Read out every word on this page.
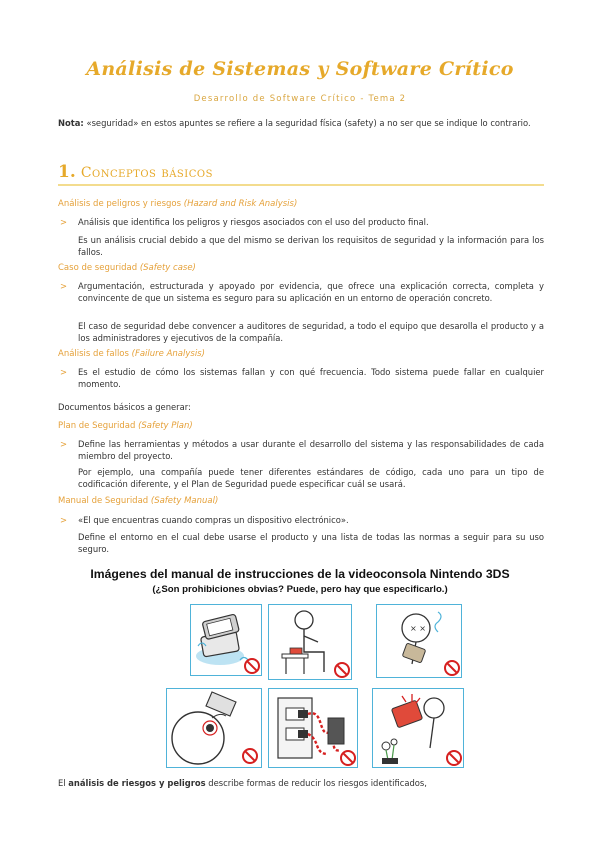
Análisis de Sistemas y Software Crítico
Desarrollo de Software Crítico - Tema 2
Nota: «seguridad» en estos apuntes se refiere a la seguridad física (safety) a no ser que se indique lo contrario.
1. Conceptos básicos
Análisis de peligros y riesgos (Hazard and Risk Analysis)
> Análisis que identifica los peligros y riesgos asociados con el uso del producto final.
Es un análisis crucial debido a que del mismo se derivan los requisitos de seguridad y la información para los fallos.
Caso de seguridad (Safety case)
> Argumentación, estructurada y apoyado por evidencia, que ofrece una explicación correcta, completa y convincente de que un sistema es seguro para su aplicación en un entorno de operación concreto.
El caso de seguridad debe convencer a auditores de seguridad, a todo el equipo que desarolla el producto y a los administradores y ejecutivos de la compañía.
Análisis de fallos (Failure Analysis)
> Es el estudio de cómo los sistemas fallan y con qué frecuencia. Todo sistema puede fallar en cualquier momento.
Documentos básicos a generar:
Plan de Seguridad (Safety Plan)
> Define las herramientas y métodos a usar durante el desarrollo del sistema y las responsabilidades de cada miembro del proyecto.
Por ejemplo, una compañía puede tener diferentes estándares de código, cada uno para un tipo de codificación diferente, y el Plan de Seguridad puede especificar cuál se usará.
Manual de Seguridad (Safety Manual)
> «El que encuentras cuando compras un dispositivo electrónico».
Define el entorno en el cual debe usarse el producto y una lista de todas las normas a seguir para su uso seguro.
Imágenes del manual de instrucciones de la videoconsola Nintendo 3DS
(¿Son prohibiciones obvias? Puede, pero hay que especificarlo.)
× ×
El análisis de riesgos y peligros describe formas de reducir los riesgos identificados,
